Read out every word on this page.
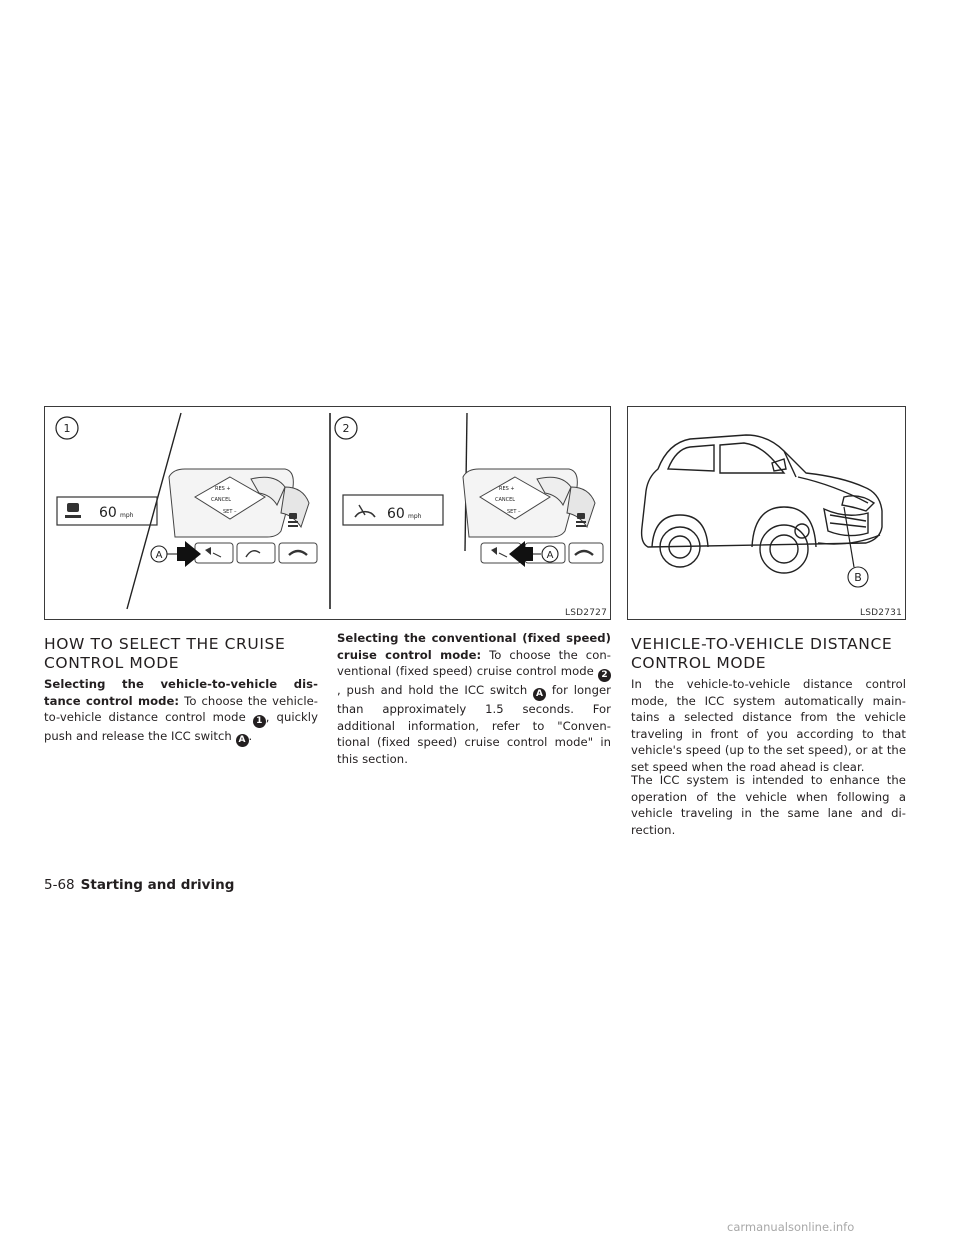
1
60 mph
RES +
CANCEL
SET –
A
2
60 mph
RES +
CANCEL
SET –
A
LSD2727
B
LSD2731
HOW TO SELECT THE CRUISE
CONTROL MODE

Selecting the vehicle-to-vehicle dis- tance control mode: To choose the vehicle-to-vehicle distance control mode 1 , quickly push and release the ICC switch A .

Selecting the conventional (fixed speed) cruise control mode: To choose the con- ventional (fixed speed) cruise control mode 2, push and hold the ICC switch A for longer than approximately 1.5 seconds. For additional information, refer to "Conven- tional (fixed speed) cruise control mode" in this section.

VEHICLE-TO-VEHICLE DISTANCE
CONTROL MODE

In the vehicle-to-vehicle distance control mode, the ICC system automatically main- tains a selected distance from the vehicle traveling in front of you according to that vehicle's speed (up to the set speed), or at the set speed when the road ahead is clear.

The ICC system is intended to enhance the operation of the vehicle when following a vehicle traveling in the same lane and di- rection.

5-68 Starting and driving
carmanualsonline.info
